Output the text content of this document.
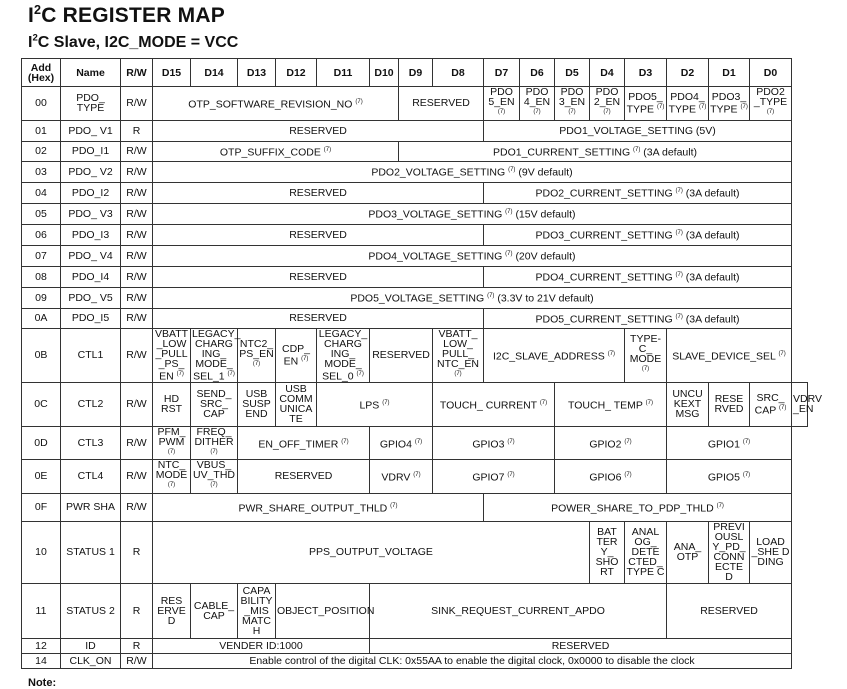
$I^2C$ REGISTER MAP
$I^2C$ Slave, I2C_MODE = VCC
Add (Hex)	Name	R/W	D15	D14	D13	D12	D11	D10	D9	D8	D7	D6	D5	D4	D3	D2	D1	D0	
00	PDO_ TYPE	R/W	OTP_SOFTWARE_REVISION_NO $^{(7)}$						RESERVED		PDO 5_EN $^{(7)}$	PDO 4_EN $^{(7)}$	PDO 3_EN $^{(7)}$	PDO 2_EN $^{(7)}$	PDO5_ TYPE $^{(7)}$	PDO4_ TYPE $^{(7)}$	PDO3_ TYPE $^{(7)}$	PDO2 _TYPE $^{(7)}$
01	PDO_ V1	R	RESERVED								PDO1_VOLTAGE_SETTING (5V)								
02	PDO_I1	R/W	OTP_SUFFIX_CODE $^{(7)}$						PDO1_CURRENT_SETTING $^{(7)}$ (3A default)										
03	PDO_ V2	R/W	PDO2_VOLTAGE_SETTING $^{(7)}$ (9V default)																
04	PDO_I2	R/W	RESERVED								PDO2_CURRENT_SETTING $^{(7)}$ (3A default)								
05	PDO_ V3	R/W	PDO3_VOLTAGE_SETTING $^{(7)}$ (15V default)																
06	PDO_I3	R/W	RESERVED								PDO3_CURRENT_SETTING $^{(7)}$ (3A default)								
07	PDO_ V4	R/W	PDO4_VOLTAGE_SETTING $^{(7)}$ (20V default)																
08	PDO_I4	R/W	RESERVED								PDO4_CURRENT_SETTING $^{(7)}$ (3A default)								
09	PDO_ V5	R/W	PDO5_VOLTAGE_SETTING $^{(7)}$ (3.3V to 21V default)																
0A	PDO_I5	R/W	RESERVED								PDO5_CURRENT_SETTING $^{(7)}$ (3A default)								
0B	CTL1	R/W	VBATT _LOW _PULL _PS_ EN $^{(7)}$	LEGACY_ CHARG ING_ MODE_ SEL_1 $^{(7)}$	NTC2_ PS_EN $^{(7)}$	CDP_ EN $^{(7)}$	LEGACY_ CHARG ING_ MODE_ SEL_0 $^{(7)}$	RESERVED		VBATT_ LOW_ PULL_ NTC_EN $^{(7)}$	I2C_SLAVE_ADDRESS $^{(7)}$				TYPE- C_ MODE $^{(7)}$	SLAVE_DEVICE_SEL $^{(7)}$
0C	CTL2	R/W	HD RST	SEND_ SRC_ CAP	USB SUSP END	USB COMM UNICA TE	LPS $^{(7)}$			TOUCH_ CURRENT $^{(7)}$			TOUCH_ TEMP $^{(7)}$			UNCU KEXT MSG	RESE RVED	SRC_ CAP $^{(7)}$	VDRV _EN
0D	CTL3	R/W	PFM_ PWM $^{(7)}$	FREQ_ DITHER $^{(7)}$	EN_OFF_TIMER $^{(7)}$			GPIO4 $^{(7)}$		GPIO3 $^{(7)}$			GPIO2 $^{(7)}$			GPIO1 $^{(7)}$
0E	CTL4	R/W	NTC_ MODE $^{(7)}$	VBUS_ UV_THD $^{(7)}$	RESERVED			VDRV $^{(7)}$		GPIO7 $^{(7)}$			GPIO6 $^{(7)}$			GPIO5 $^{(7)}$
0F	PWR SHA	R/W	PWR_SHARE_OUTPUT_THLD $^{(7)}$								POWER_SHARE_TO_PDP_THLD $^{(7)}$
10	STATUS 1	R	PPS_OUTPUT_VOLTAGE											BAT TER Y_ SHO RT	ANAL OG_ DETE CTED_ TYPE C	ANA_ OTP	PREVI OUSL Y_PD_ CONN ECTE D	LOAD _SHE D DING	
11	STATUS 2	R	RES ERVE D	CABLE_ CAP	CAPA BILITY _MIS MATC H	OBJECT_POSITION		SINK_REQUEST_CURRENT_APDO								RESERVED			
12	ID	R	VENDER ID:1000					RESERVED											
14	CLK_ON	R/W	Enable control of the digital CLK: 0x55AA to enable the digital clock, 0x0000 to disable the clock																
Note:
